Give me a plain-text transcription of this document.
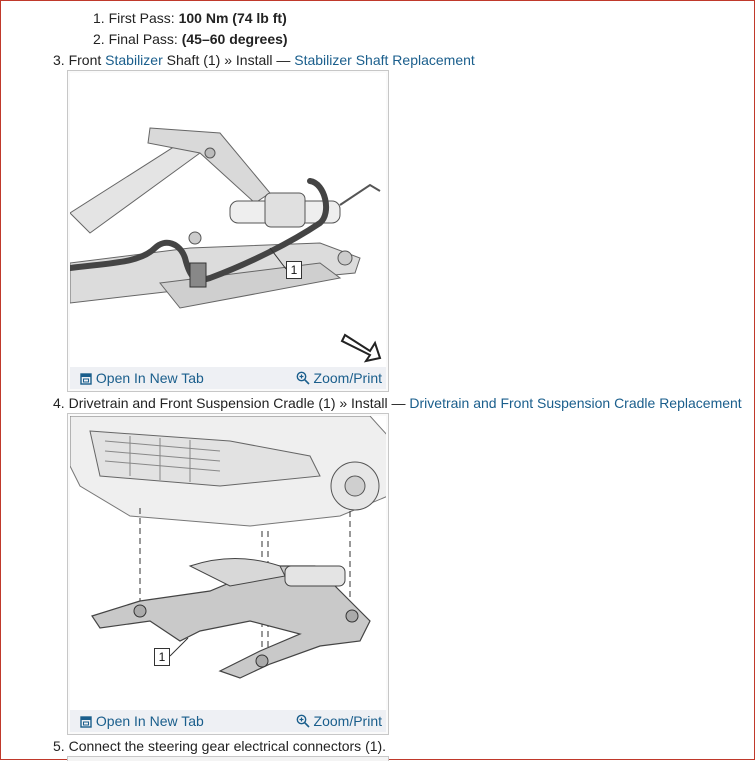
1. First Pass: 100 Nm (74 lb ft)
2. Final Pass: (45–60 degrees)
3. Front Stabilizer Shaft (1) » Install — Stabilizer Shaft Replacement
1
Open In New Tab	Zoom/Print
4. Drivetrain and Front Suspension Cradle (1) » Install — Drivetrain and Front Suspension Cradle Replacement
1
Open In New Tab	Zoom/Print
5. Connect the steering gear electrical connectors (1).
